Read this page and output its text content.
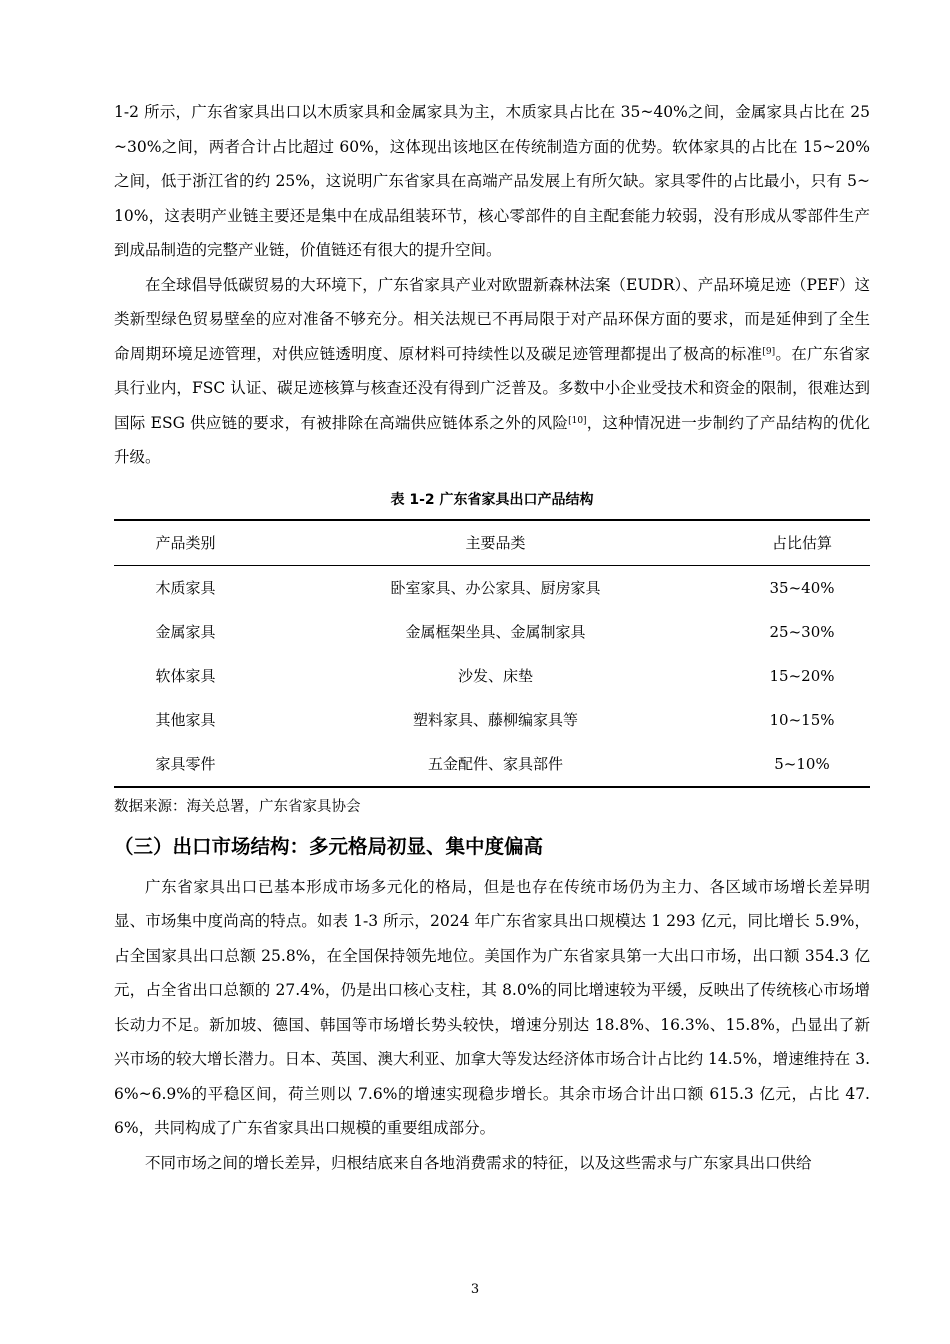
1-2 所示，广东省家具出口以木质家具和金属家具为主，木质家具占比在 35~40%之间，金属家具占比在 25~30%之间，两者合计占比超过 60%，这体现出该地区在传统制造方面的优势。软体家具的占比在 15~20%之间，低于浙江省的约 25%，这说明广东省家具在高端产品发展上有所欠缺。家具零件的占比最小，只有 5~10%，这表明产业链主要还是集中在成品组装环节，核心零部件的自主配套能力较弱，没有形成从零部件生产到成品制造的完整产业链，价值链还有很大的提升空间。

在全球倡导低碳贸易的大环境下，广东省家具产业对欧盟新森林法案（EUDR）、产品环境足迹（PEF）这类新型绿色贸易壁垒的应对准备不够充分。相关法规已不再局限于对产品环保方面的要求，而是延伸到了全生命周期环境足迹管理，对供应链透明度、原材料可持续性以及碳足迹管理都提出了极高的标准[9]。在广东省家具行业内，FSC 认证、碳足迹核算与核查还没有得到广泛普及。多数中小企业受技术和资金的限制，很难达到国际 ESG 供应链的要求，有被排除在高端供应链体系之外的风险[10]，这种情况进一步制约了产品结构的优化升级。

表 1-2 广东省家具出口产品结构
产品类别	主要品类	占比估算
木质家具	卧室家具、办公家具、厨房家具	35~40%
金属家具	金属框架坐具、金属制家具	25~30%
软体家具	沙发、床垫	15~20%
其他家具	塑料家具、藤柳编家具等	10~15%
家具零件	五金配件、家具部件	5~10%

数据来源：海关总署，广东省家具协会

（三）出口市场结构：多元格局初显、集中度偏高

广东省家具出口已基本形成市场多元化的格局，但是也存在传统市场仍为主力、各区域市场增长差异明显、市场集中度尚高的特点。如表 1-3 所示，2024 年广东省家具出口规模达 1 293 亿元，同比增长 5.9%，占全国家具出口总额 25.8%，在全国保持领先地位。美国作为广东省家具第一大出口市场，出口额 354.3 亿元，占全省出口总额的 27.4%，仍是出口核心支柱，其 8.0%的同比增速较为平缓，反映出了传统核心市场增长动力不足。新加坡、德国、韩国等市场增长势头较快，增速分别达 18.8%、16.3%、15.8%，凸显出了新兴市场的较大增长潜力。日本、英国、澳大利亚、加拿大等发达经济体市场合计占比约 14.5%，增速维持在 3.6%~6.9%的平稳区间，荷兰则以 7.6%的增速实现稳步增长。其余市场合计出口额 615.3 亿元，占比 47.6%，共同构成了广东省家具出口规模的重要组成部分。

不同市场之间的增长差异，归根结底来自各地消费需求的特征，以及这些需求与广东家具出口供给

3
